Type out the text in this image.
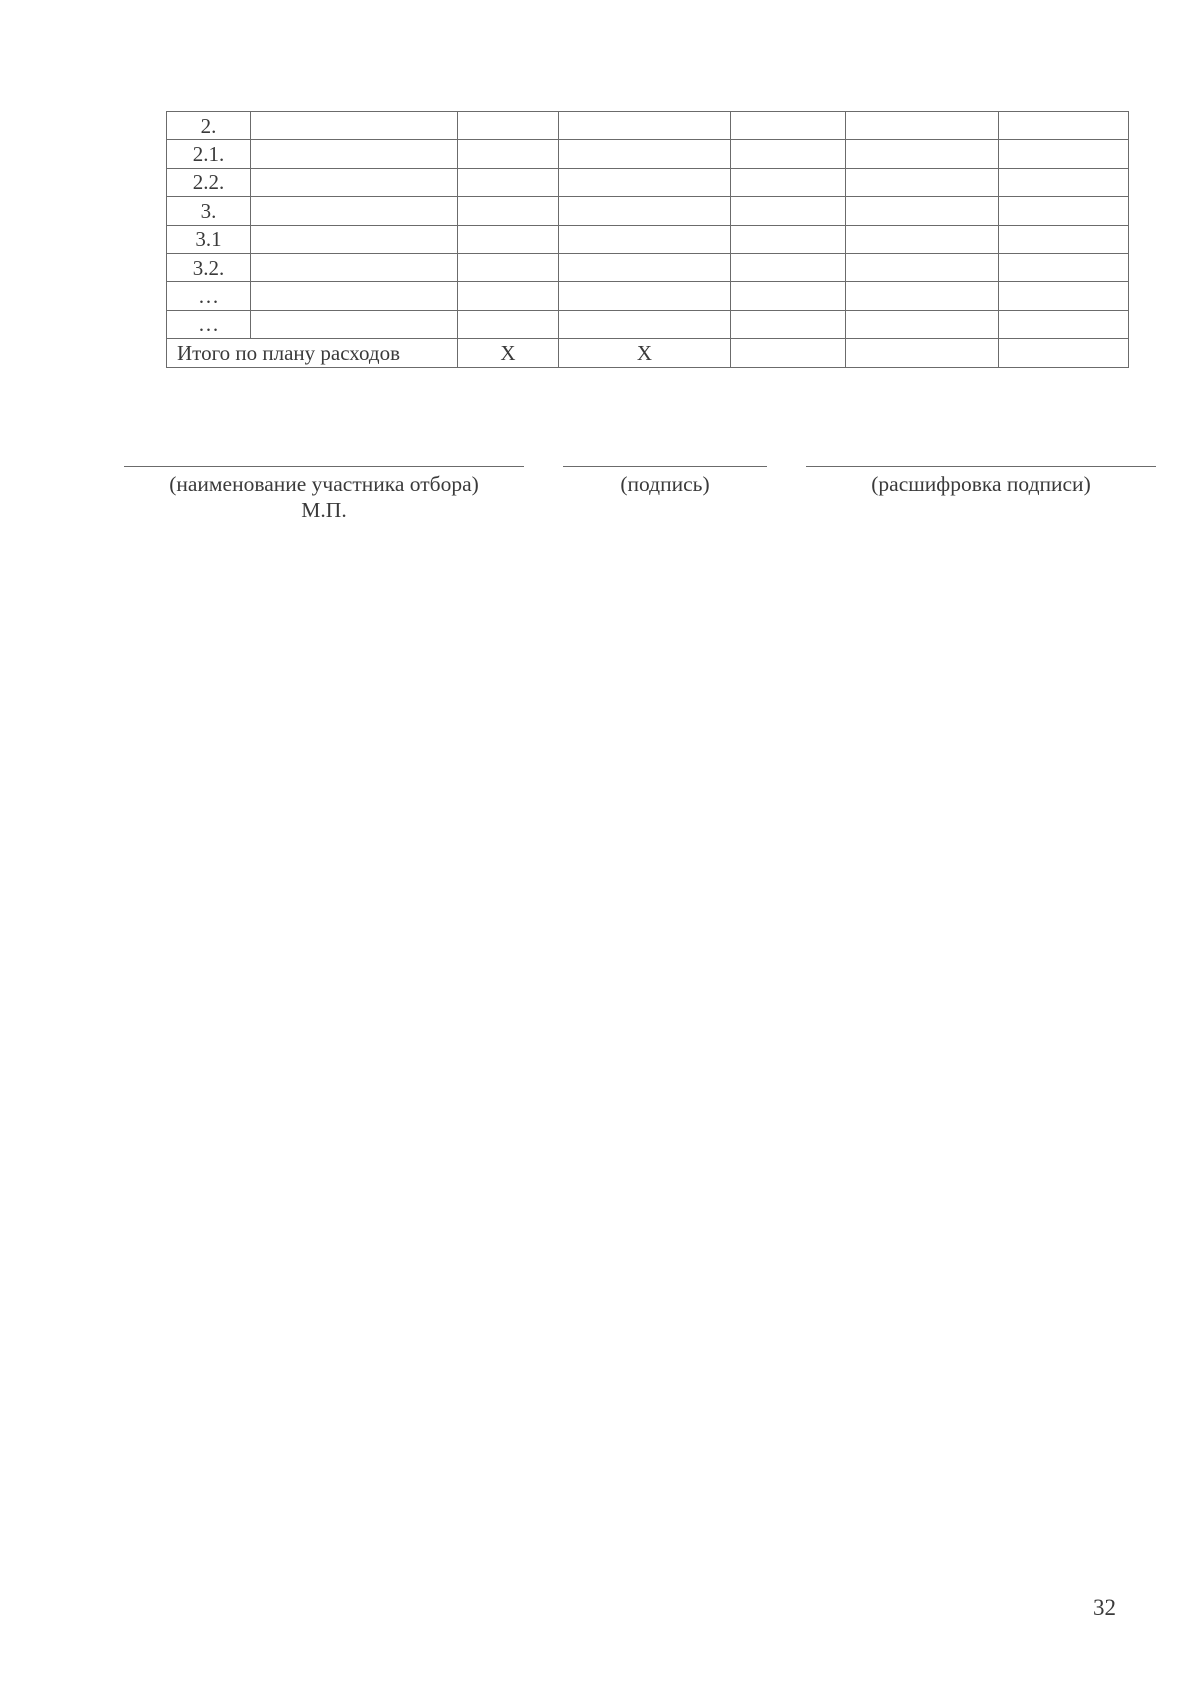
2.						
2.1.						
2.2.						
3.						
3.1						
3.2.						
…						
…						
Итого по плану расходов		X	X			
(наименование участника отбора)
М.П.
(подпись)	(расшифровка подписи)
32
